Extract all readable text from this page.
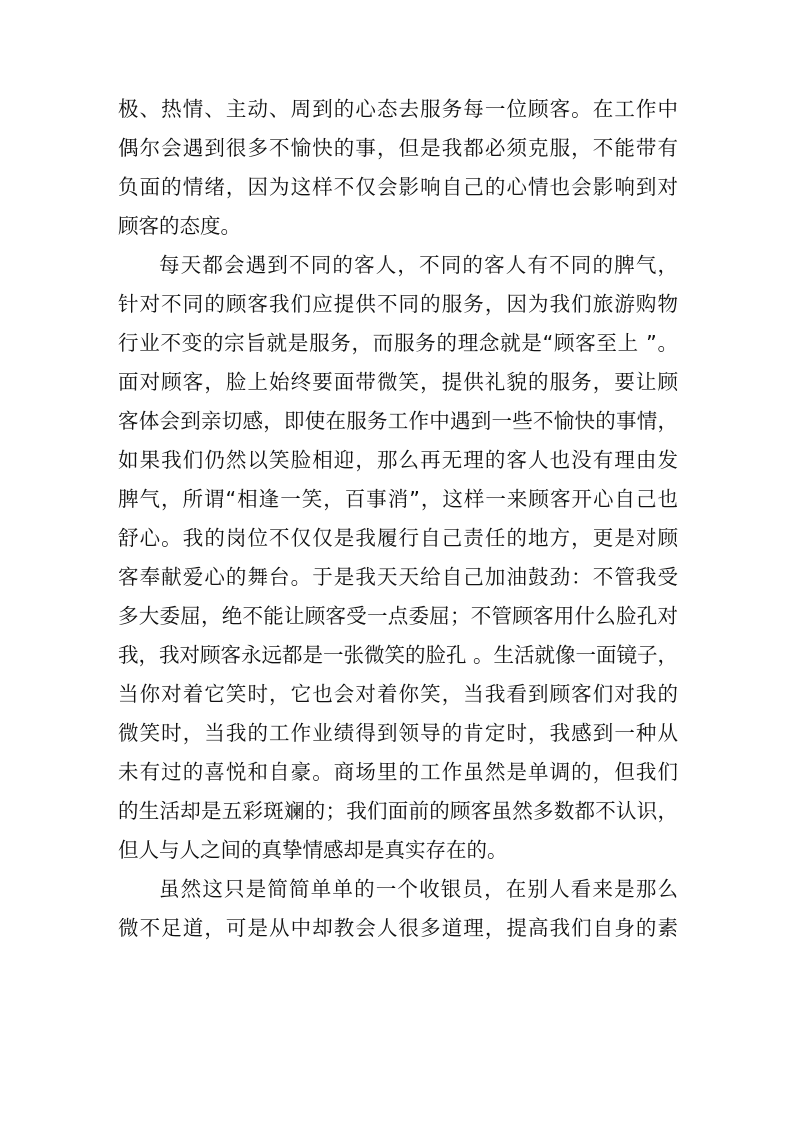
极、热情、主动、周到的心态去服务每一位顾客。在工作中
偶尔会遇到很多不愉快的事，但是我都必须克服，不能带有
负面的情绪，因为这样不仅会影响自己的心情也会影响到对
顾客的态度。
每天都会遇到不同的客人，不同的客人有不同的脾气，
针对不同的顾客我们应提供不同的服务，因为我们旅游购物
行业不变的宗旨就是服务，而服务的理念就是“顾客至上 ”。
面对顾客，脸上始终要面带微笑，提供礼貌的服务，要让顾
客体会到亲切感，即使在服务工作中遇到一些不愉快的事情，
如果我们仍然以笑脸相迎，那么再无理的客人也没有理由发
脾气，所谓“相逢一笑，百事消”，这样一来顾客开心自己也
舒心。我的岗位不仅仅是我履行自己责任的地方，更是对顾
客奉献爱心的舞台。于是我天天给自己加油鼓劲：不管我受
多大委屈，绝不能让顾客受一点委屈；不管顾客用什么脸孔对
我，我对顾客永远都是一张微笑的脸孔 。生活就像一面镜子，
当你对着它笑时，它也会对着你笑，当我看到顾客们对我的
微笑时，当我的工作业绩得到领导的肯定时，我感到一种从
未有过的喜悦和自豪。商场里的工作虽然是单调的，但我们
的生活却是五彩斑斓的；我们面前的顾客虽然多数都不认识，
但人与人之间的真挚情感却是真实存在的。
虽然这只是简简单单的一个收银员，在别人看来是那么
微不足道，可是从中却教会人很多道理，提高我们自身的素
